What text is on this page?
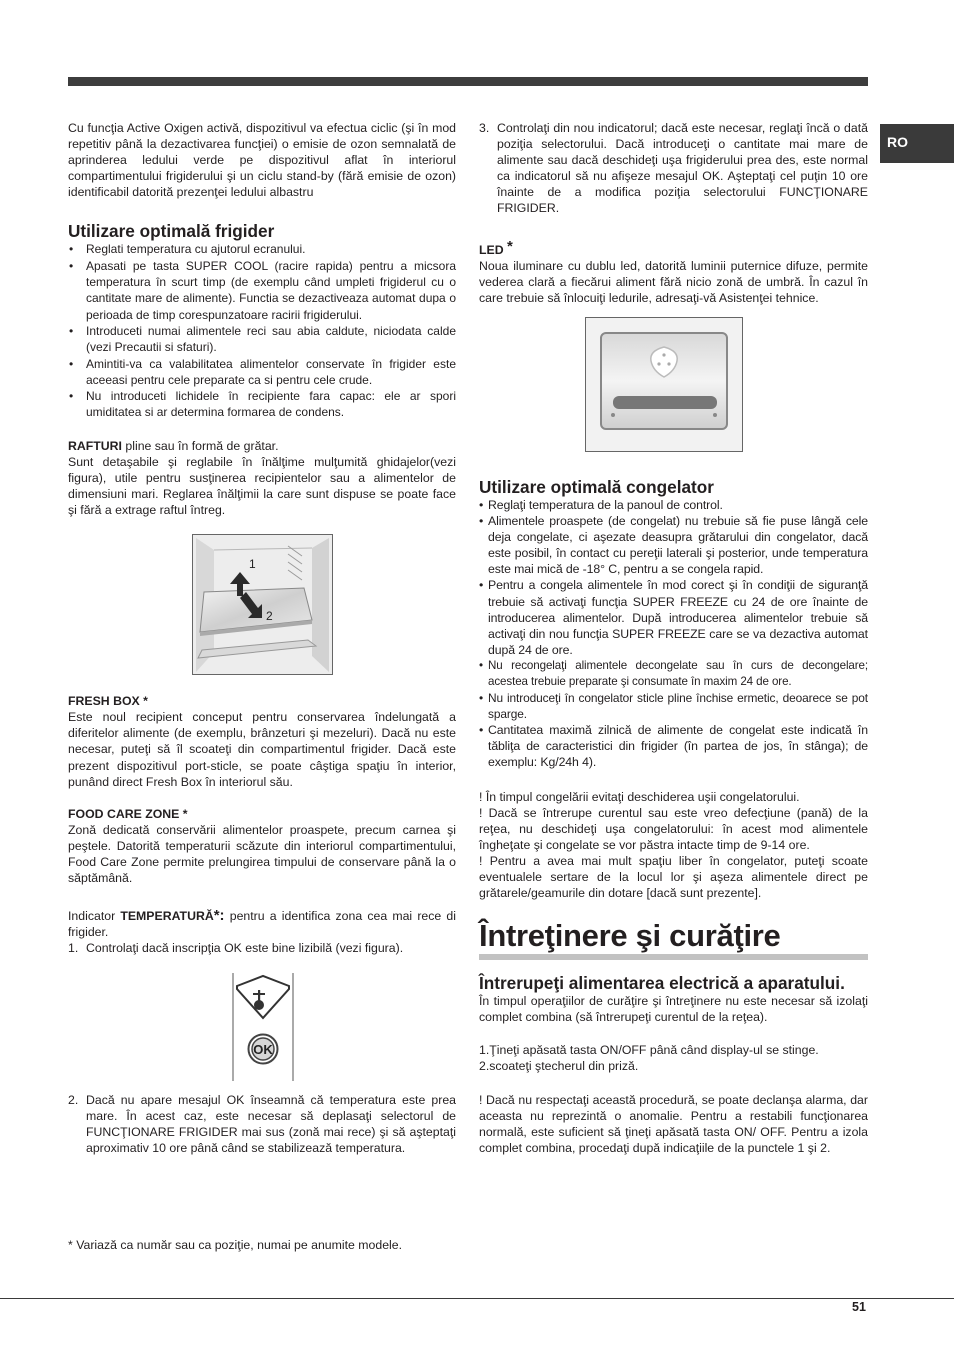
RO

Cu funcţia Active Oxigen activă, dispozitivul va efectua ciclic (şi în mod repetitiv până la dezactivarea funcţiei) o emisie de ozon semnalată de aprinderea ledului verde pe dispozitivul aflat în interiorul compartimentului frigiderului şi un ciclu stand-by (fără emisie de ozon) identificabil datorită prezenţei ledului albastru

Utilizare optimală frigider
• Reglati temperatura cu ajutorul ecranului.
• Apasati pe tasta SUPER COOL (racire rapida) pentru a micsora temperatura în scurt timp (de exemplu când umpleti frigiderul cu o cantitate mare de alimente). Functia se dezactiveaza automat dupa o perioada de timp corespunzatoare racirii frigiderului.
• Introduceti numai alimentele reci sau abia caldute, niciodata calde (vezi Precautii si sfaturi).
• Amintiti-va ca valabilitatea alimentelor conservate în frigider este aceeasi pentru cele preparate ca si pentru cele crude.
• Nu introduceti lichidele în recipiente fara capac: ele ar spori umiditatea si ar determina formarea de condens.

RAFTURI pline sau în formă de grătar.

Sunt detaşabile şi reglabile în înălţime mulţumită ghidajelor(vezi figura), utile pentru susţinerea recipientelor sau a alimentelor de dimensiuni mari. Reglarea înălţimii la care sunt dispuse se poate face şi fără a extrage raftul întreg.

1
2
FRESH BOX *

Este noul recipient conceput pentru conservarea îndelungată a diferitelor alimente (de exemplu, brânzeturi şi mezeluri). Dacă nu este necesar, puteţi să îl scoateţi din compartimentul frigider. Dacă este prezent dispozitivul port-sticle, se poate câştiga spaţiu în interior, punând direct Fresh Box în interiorul său.

FOOD CARE ZONE *

Zonă dedicată conservării alimentelor proaspete, precum carnea şi peştele. Datorită temperaturii scăzute din interiorul compartimentului, Food Care Zone permite prelungirea timpului de conservare până la o săptămână.

Indicator TEMPERATURĂ*: pentru a identifica zona cea mai rece di frigider.

1. Controlaţi dacă inscripţia OK este bine lizibilă (vezi figura).
OK
2. Dacă nu apare mesajul OK înseamnă că temperatura este prea mare. În acest caz, este necesar să deplasaţi selectorul de FUNCŢIONARE FRIGIDER mai sus (zonă mai rece) şi să aşteptaţi aproximativ 10 ore până când se stabilizează temperatura.
3. Controlaţi din nou indicatorul; dacă este necesar, reglaţi încă o dată poziţia selectorului. Dacă introduceţi o cantitate mai mare de alimente sau dacă deschideţi uşa frigiderului prea des, este normal ca indicatorul să nu afişeze mesajul OK. Aşteptaţi cel puţin 10 ore înainte de a modifica poziţia selectorului FUNCŢIONARE FRIGIDER.

LED *

Noua iluminare cu dublu led, datorită luminii puternice difuze, permite vederea clară a fiecărui aliment fără nicio zonă de umbră. În cazul în care trebuie să înlocuiţi ledurile, adresaţi-vă Asistenţei tehnice.

Utilizare optimală congelator
• Reglaţi temperatura de la panoul de control.
• Alimentele proaspete (de congelat) nu trebuie să fie puse lângă cele deja congelate, ci aşezate deasupra grătarului din congelator, dacă este posibil, în contact cu pereţii laterali şi posterior, unde temperatura este mai mică de -18° C, pentru a se congela rapid.
• Pentru a congela alimentele în mod corect şi în condiţii de siguranţă trebuie să activaţi funcţia SUPER FREEZE cu 24 de ore înainte de introducerea alimentelor. După introducerea alimentelor trebuie să activaţi din nou funcţia SUPER FREEZE care se va dezactiva automat după 24 de ore.
• Nu recongelaţi alimentele decongelate sau în curs de decongelare; acestea trebuie preparate şi consumate în maxim 24 de ore.
• Nu introduceţi în congelator sticle pline închise ermetic, deoarece se pot sparge.
• Cantitatea maximă zilnică de alimente de congelat este indicată în tăbliţa de caracteristici din frigider (în partea de jos, în stânga); de exemplu: Kg/24h 4).

! În timpul congelării evitaţi deschiderea uşii congelatorului.

! Dacă se întrerupe curentul sau este vreo defecţiune (pană) de la reţea, nu deschideţi uşa congelatorului: în acest mod alimentele îngheţate şi congelate se vor păstra intacte timp de 9-14 ore.

! Pentru a avea mai mult spaţiu liber în congelator, puteţi scoate eventualele sertare de la locul lor şi aşeza alimentele direct pe grătarele/geamurile din dotare [dacă sunt prezente].

Întreţinere şi curăţire
Întrerupeţi alimentarea electrică a aparatului.

În timpul operaţiilor de curăţire şi întreţinere nu este necesar să izolaţi complet combina (să întrerupeţi curentul de la reţea).

1.Ţineţi apăsată tasta ON/OFF până când display-ul se stinge.

2.scoateţi ştecherul din priză.

! Dacă nu respectaţi această procedură, se poate declanşa alarma, dar aceasta nu reprezintă o anomalie. Pentru a restabili funcţionarea normală, este suficient să ţineţi apăsată tasta ON/ OFF. Pentru a izola complet combina, procedaţi după indicaţiile de la punctele 1 şi 2.

* Variază ca număr sau ca poziţie, numai pe anumite modele.
51
